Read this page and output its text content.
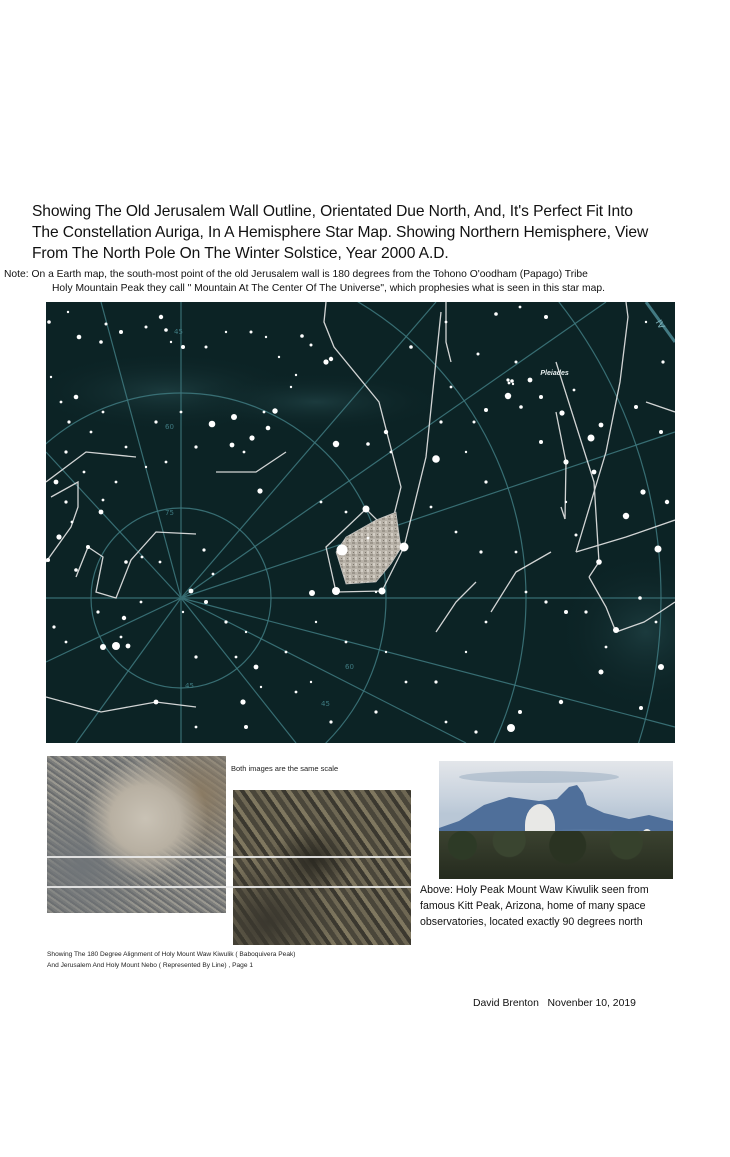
Showing The Old Jerusalem Wall Outline, Orientated Due North, And, It's Perfect Fit Into
The Constellation Auriga, In A Hemisphere Star Map. Showing Northern Hemisphere, View
From The North Pole On The Winter Solstice, Year 2000 A.D.
Note: On a Earth map, the south-most point of the old Jerusalem wall is 180 degrees from the Tohono O'oodham (Papago) Tribe
Holy Mountain Peak they call " Mountain At The Center Of The Universe", which prophesies what is seen in this star map.
45
60
75
45
60
45
IV
Pleiades
Both images are the same scale
Above: Holy Peak Mount Waw Kiwulik seen from
famous Kitt Peak, Arizona, home of many space
observatories, located exactly 90 degrees north
Showing The 180 Degree Alignment of Holy Mount Waw Kiwulik ( Baboquivera Peak)
And Jerusalem And Holy Mount Nebo ( Represented By Line) , Page 1
David Brenton Novenber 10, 2019
